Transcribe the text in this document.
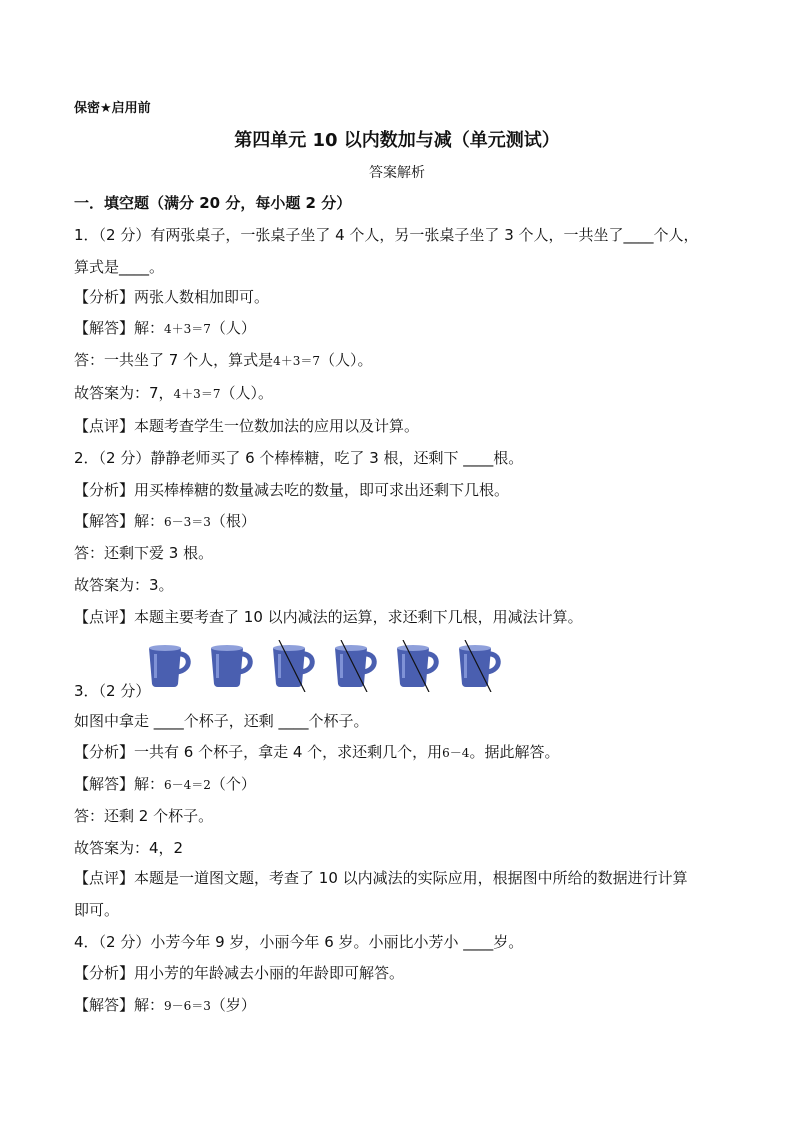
保密★启用前
第四单元 10 以内数加与减（单元测试）
答案解析
一．填空题（满分 20 分，每小题 2 分）
1．（2 分）有两张桌子，一张桌子坐了 4 个人，另一张桌子坐了 3 个人，一共坐了____个人，
算式是____。
【分析】两张人数相加即可。
【解答】解：4＋3＝7（人）
答：一共坐了 7 个人，算式是4＋3＝7（人）。
故答案为：7，4＋3＝7（人）。
【点评】本题考查学生一位数加法的应用以及计算。
2．（2 分）静静老师买了 6 个棒棒糖，吃了 3 根，还剩下 ____根。
【分析】用买棒棒糖的数量减去吃的数量，即可求出还剩下几根。
【解答】解：6－3＝3（根）
答：还剩下爱 3 根。
故答案为：3。
【点评】本题主要考查了 10 以内减法的运算，求还剩下几根，用减法计算。
3．（2 分）
如图中拿走 ____个杯子，还剩 ____个杯子。
【分析】一共有 6 个杯子，拿走 4 个，求还剩几个，用6－4。据此解答。
【解答】解：6－4＝2（个）
答：还剩 2 个杯子。
故答案为：4，2
【点评】本题是一道图文题，考查了 10 以内减法的实际应用，根据图中所给的数据进行计算
即可。
4．（2 分）小芳今年 9 岁，小丽今年 6 岁。小丽比小芳小 ____岁。
【分析】用小芳的年龄减去小丽的年龄即可解答。
【解答】解：9－6＝3（岁）
